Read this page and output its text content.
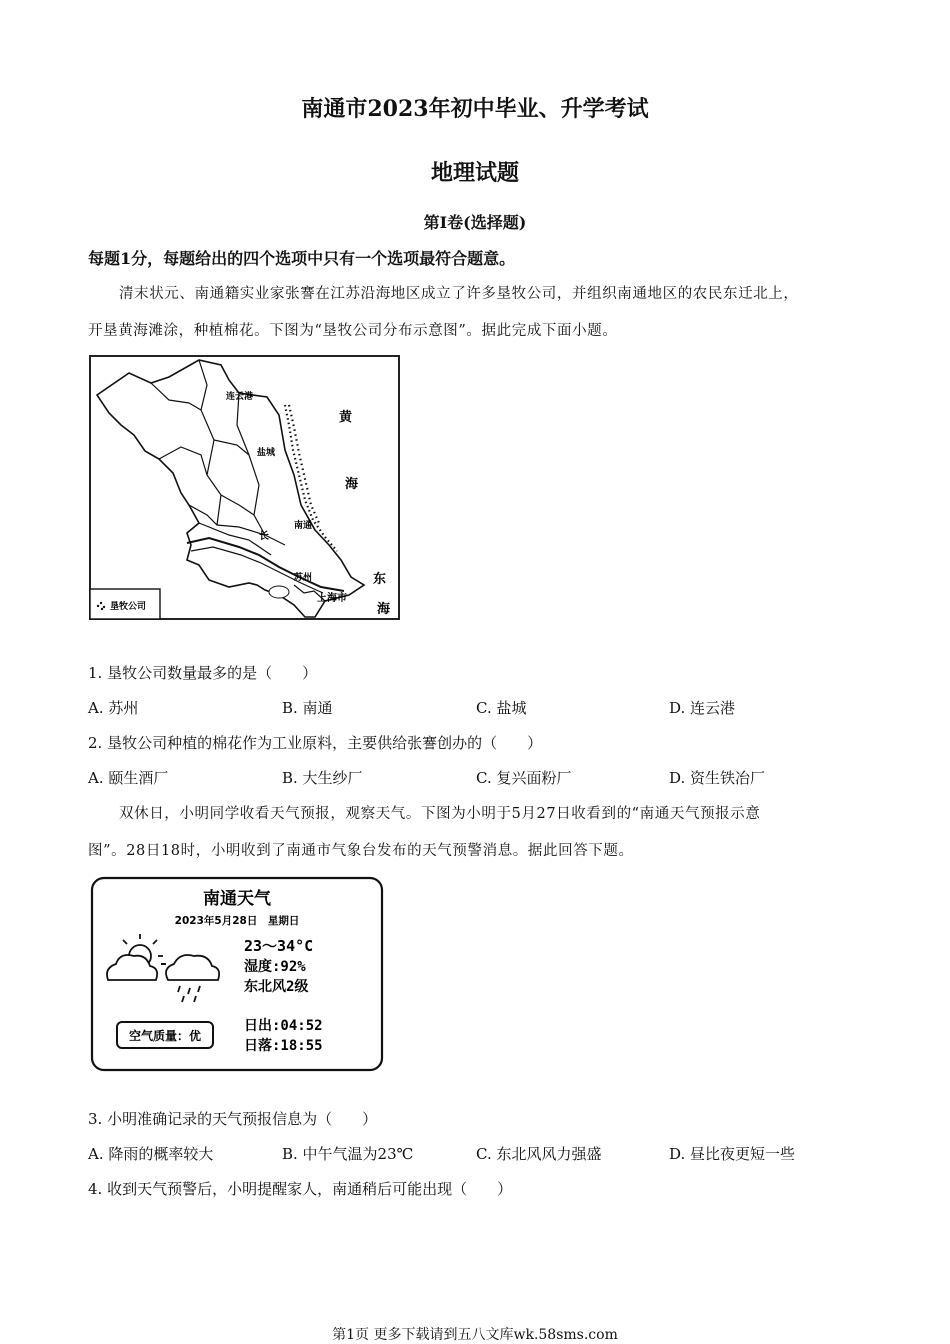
南通市2023年初中毕业、升学考试
地理试题
第Ⅰ卷(选择题)
每题1分，每题给出的四个选项中只有一个选项最符合题意。
清末状元、南通籍实业家张謇在江苏沿海地区成立了许多垦牧公司，并组织南通地区的农民东迁北上，
开垦黄海滩涂，种植棉花。下图为“垦牧公司分布示意图”。据此完成下面小题。
连云港
盐城
南通
苏州
上海市
长
黄
海
东
海
垦牧公司
1. 垦牧公司数量最多的是（　　）
A. 苏州	B. 南通	C. 盐城	D. 连云港
2. 垦牧公司种植的棉花作为工业原料，主要供给张謇创办的（　　）
A. 颐生酒厂	B. 大生纱厂	C. 复兴面粉厂	D. 资生铁冶厂
双休日，小明同学收看天气预报，观察天气。下图为小明于5月27日收看到的“南通天气预报示意
图”。28日18时，小明收到了南通市气象台发布的天气预警消息。据此回答下题。
南通天气
2023年5月28日　星期日
23～34°C
湿度:92%
东北风2级
空气质量：优
日出:04:52
日落:18:55
3. 小明准确记录的天气预报信息为（　　）
A. 降雨的概率较大	B. 中午气温为23℃	C. 东北风风力强盛	D. 昼比夜更短一些
4. 收到天气预警后，小明提醒家人，南通稍后可能出现（　　）
第1页 更多下载请到五八文库wk.58sms.com
